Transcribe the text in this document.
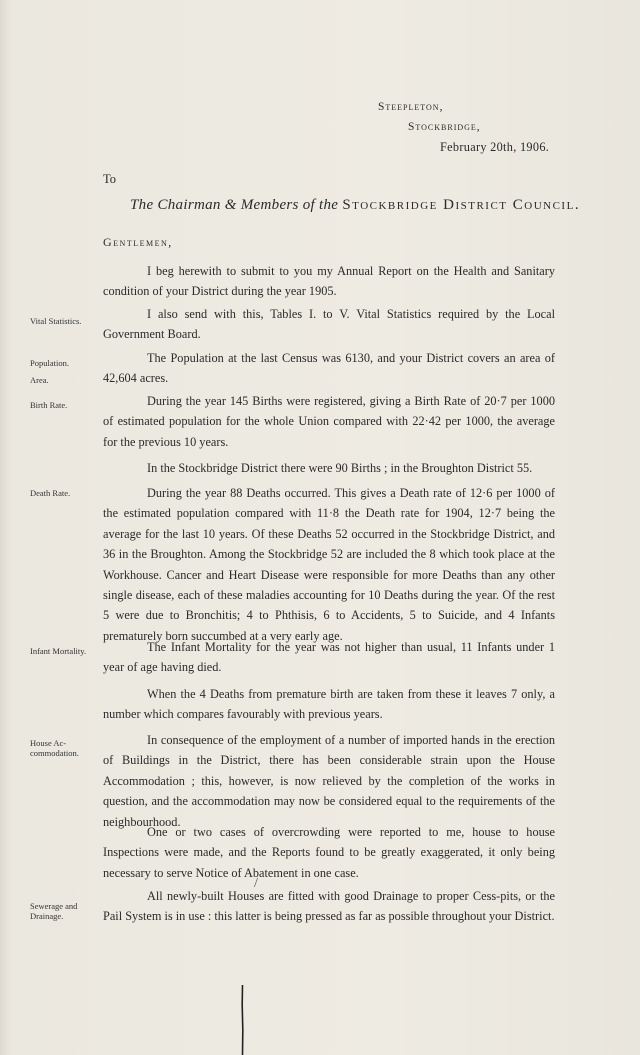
Steepleton,
Stockbridge,
February 20th, 1906.
To
The Chairman & Members of the Stockbridge District Council.
Gentlemen,
I beg herewith to submit to you my Annual Report on the Health and Sanitary condition of your District during the year 1905.
I also send with this, Tables I. to V. Vital Statistics required by the Local Government Board.
The Population at the last Census was 6130, and your District covers an area of 42,604 acres.
During the year 145 Births were registered, giving a Birth Rate of 20·7 per 1000 of estimated population for the whole Union compared with 22·42 per 1000, the average for the previous 10 years.
In the Stockbridge District there were 90 Births ; in the Broughton District 55.
During the year 88 Deaths occurred. This gives a Death rate of 12·6 per 1000 of the estimated population compared with 11·8 the Death rate for 1904, 12·7 being the average for the last 10 years. Of these Deaths 52 occurred in the Stockbridge District, and 36 in the Broughton. Among the Stockbridge 52 are included the 8 which took place at the Workhouse. Cancer and Heart Disease were responsible for more Deaths than any other single disease, each of these maladies accounting for 10 Deaths during the year. Of the rest 5 were due to Bronchitis; 4 to Phthisis, 6 to Accidents, 5 to Suicide, and 4 Infants prematurely born succumbed at a very early age.
The Infant Mortality for the year was not higher than usual, 11 Infants under 1 year of age having died.
When the 4 Deaths from premature birth are taken from these it leaves 7 only, a number which compares favourably with previous years.
In consequence of the employment of a number of imported hands in the erection of Buildings in the District, there has been considerable strain upon the House Accommodation ; this, however, is now relieved by the completion of the works in question, and the accommodation may now be considered equal to the requirements of the neighbourhood.
One or two cases of overcrowding were reported to me, house to house Inspections were made, and the Reports found to be greatly exaggerated, it only being necessary to serve Notice of Abatement in one case.
All newly-built Houses are fitted with good Drainage to proper Cess-pits, or the Pail System is in use : this latter is being pressed as far as possible throughout your District.
Vital Statistics.
Population.
Area.
Birth Rate.
Death Rate.
Infant Mortality.
House Ac- commodation.
Sewerage and Drainage.
/
